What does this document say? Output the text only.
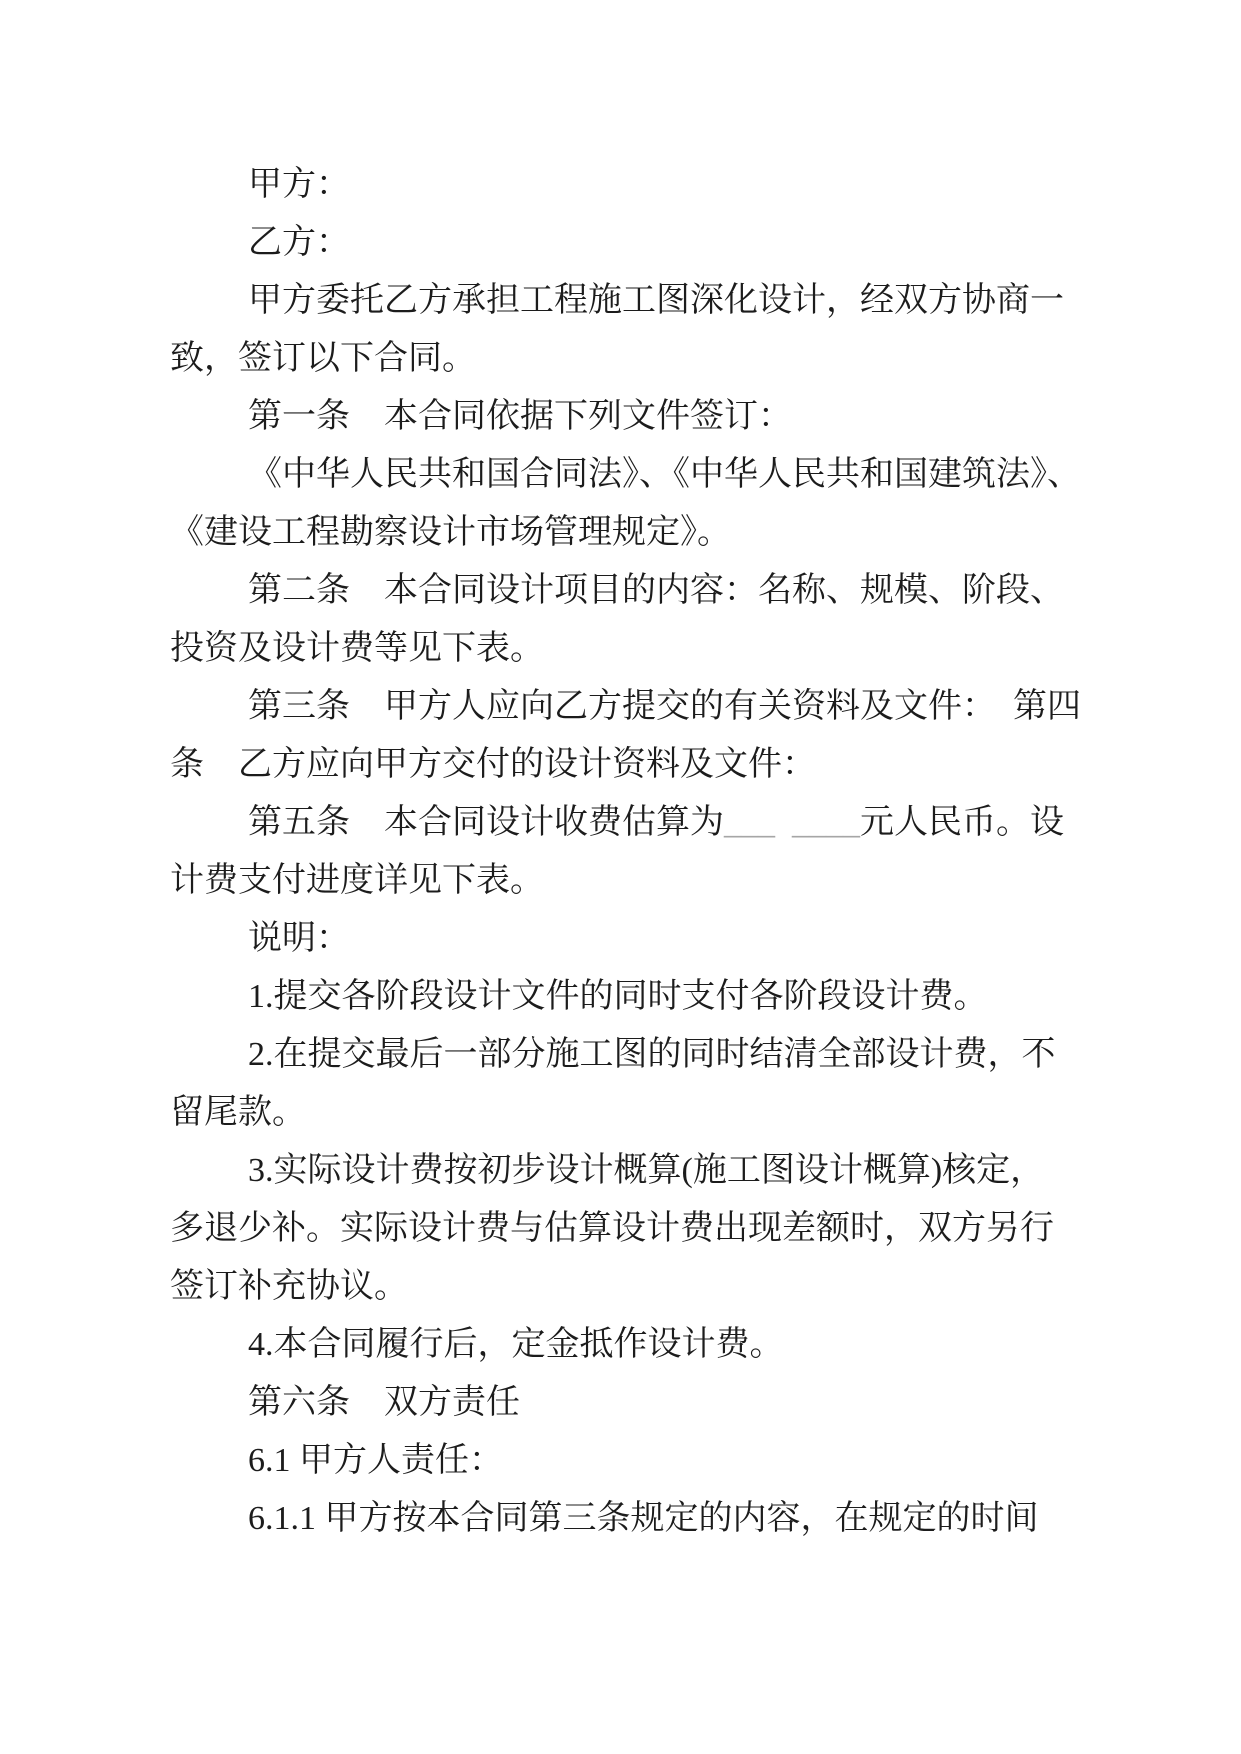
甲方：
乙方：
甲方委托乙方承担工程施工图深化设计，经双方协商一
致，签订以下合同。
第一条　本合同依据下列文件签订：
《中华人民共和国合同法》、《中华人民共和国建筑法》、
《建设工程勘察设计市场管理规定》。
第二条　本合同设计项目的内容：名称、规模、阶段、
投资及设计费等见下表。
第三条　甲方人应向乙方提交的有关资料及文件：　第四
条　乙方应向甲方交付的设计资料及文件：
第五条　本合同设计收费估算为___ ____元人民币。设
计费支付进度详见下表。
说明：
1.提交各阶段设计文件的同时支付各阶段设计费。
2.在提交最后一部分施工图的同时结清全部设计费，不
留尾款。
3.实际设计费按初步设计概算(施工图设计概算)核定，
多退少补。实际设计费与估算设计费出现差额时，双方另行
签订补充协议。
4.本合同履行后，定金抵作设计费。
第六条　双方责任
6.1 甲方人责任：
6.1.1 甲方按本合同第三条规定的内容，在规定的时间
